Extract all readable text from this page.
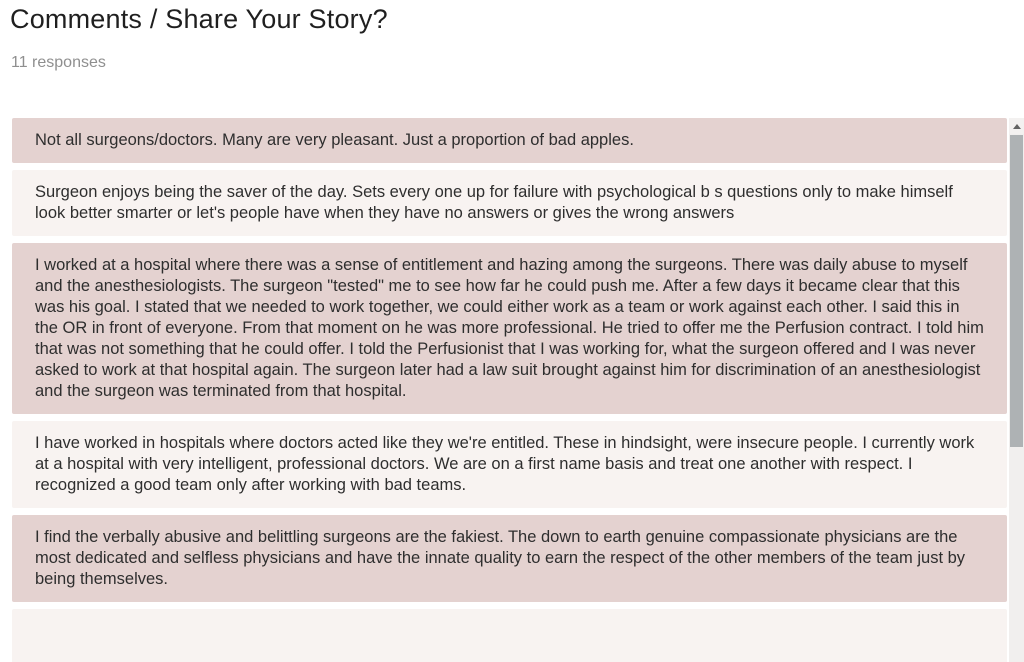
Comments / Share Your Story?
11 responses
Not all surgeons/doctors. Many are very pleasant. Just a proportion of bad apples.
Surgeon enjoys being the saver of the day. Sets every one up for failure with psychological b s questions only to make himself look better smarter or let's people have when they have no answers or gives the wrong answers
I worked at a hospital where there was a sense of entitlement and hazing among the surgeons. There was daily abuse to myself and the anesthesiologists. The surgeon "tested" me to see how far he could push me. After a few days it became clear that this was his goal. I stated that we needed to work together, we could either work as a team or work against each other. I said this in the OR in front of everyone. From that moment on he was more professional. He tried to offer me the Perfusion contract. I told him that was not something that he could offer. I told the Perfusionist that I was working for, what the surgeon offered and I was never asked to work at that hospital again. The surgeon later had a law suit brought against him for discrimination of an anesthesiologist and the surgeon was terminated from that hospital.
I have worked in hospitals where doctors acted like they we're entitled. These in hindsight, were insecure people. I currently work at a hospital with very intelligent, professional doctors. We are on a first name basis and treat one another with respect. I recognized a good team only after working with bad teams.
I find the verbally abusive and belittling surgeons are the fakiest. The down to earth genuine compassionate physicians are the most dedicated and selfless physicians and have the innate quality to earn the respect of the other members of the team just by being themselves.
